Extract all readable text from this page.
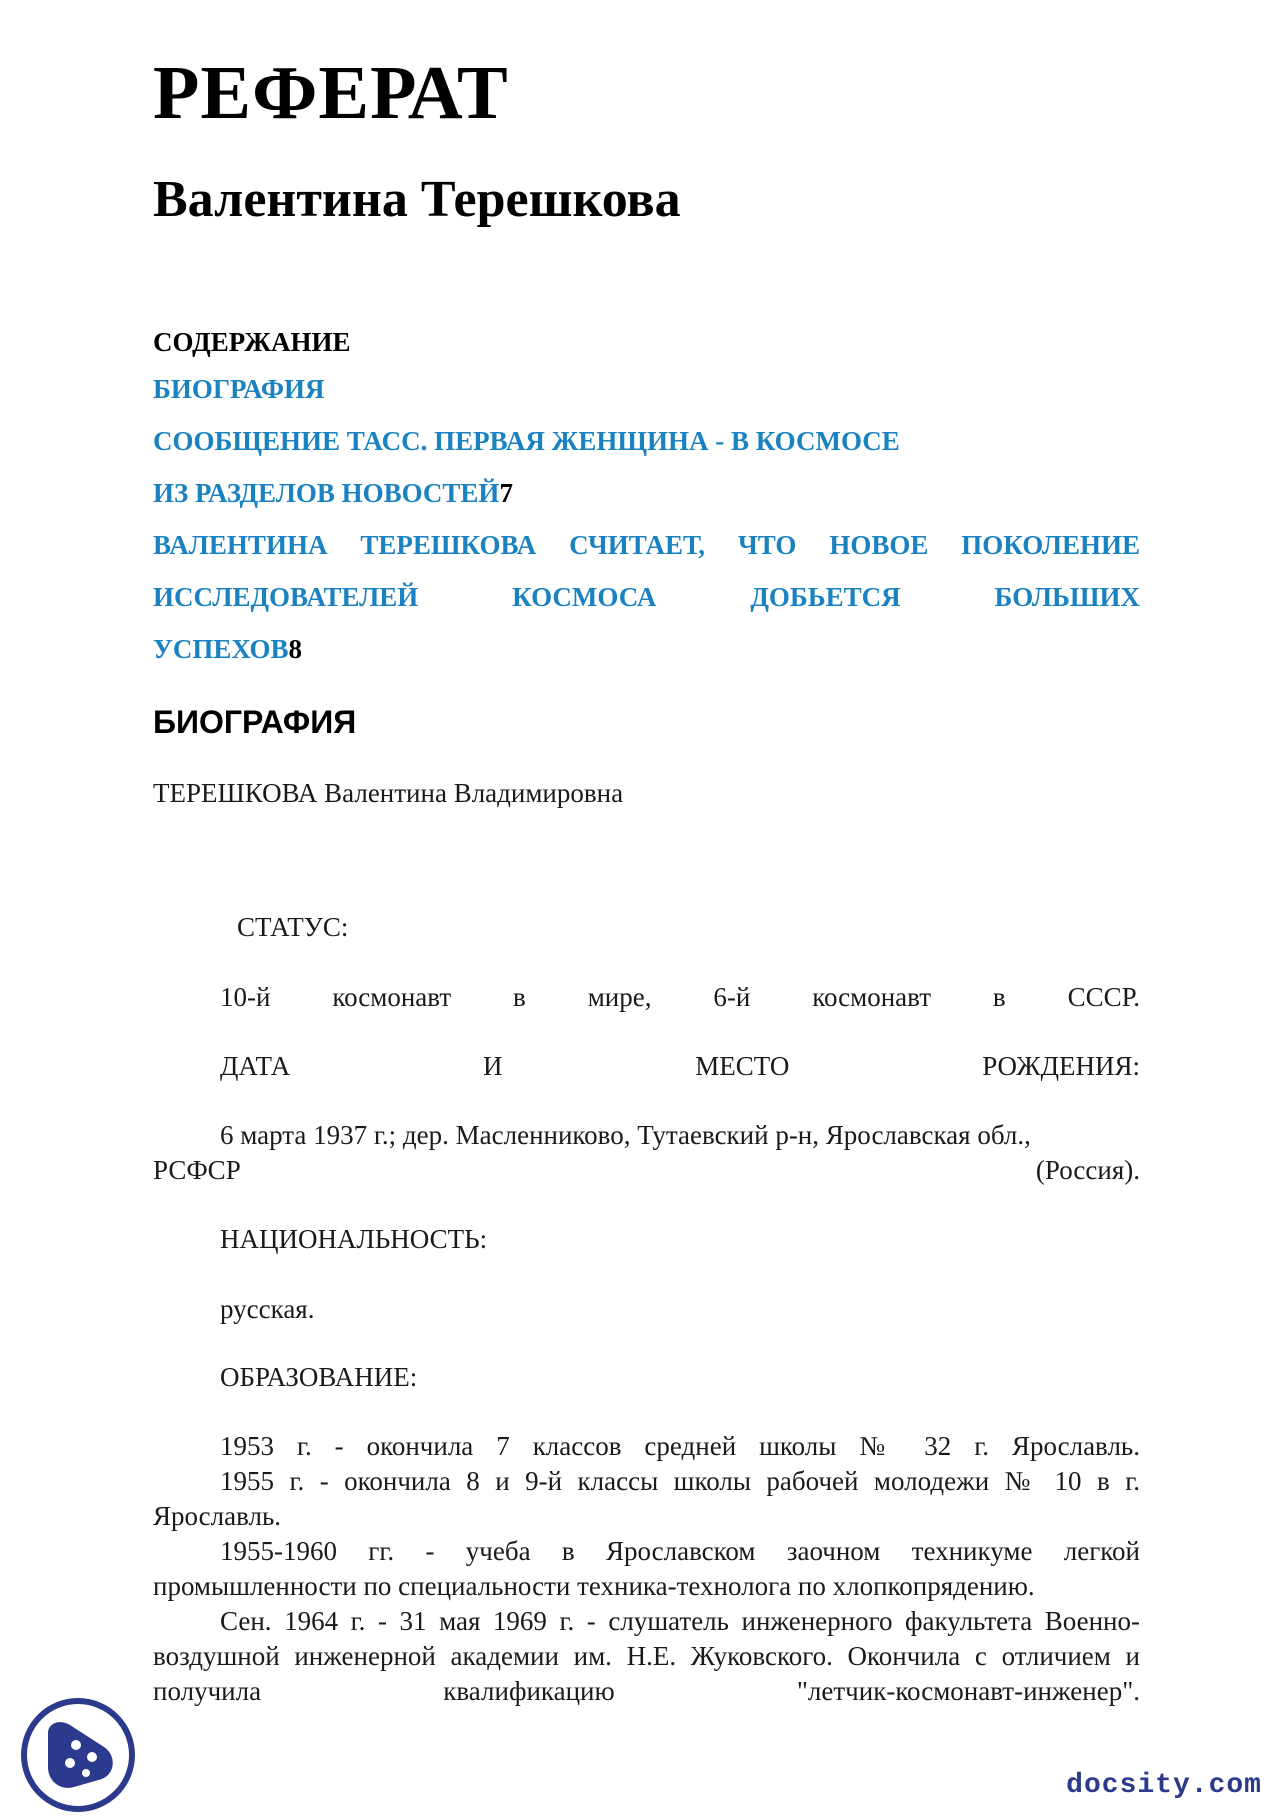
РЕФЕРАТ
Валентина Терешкова
СОДЕРЖАНИЕ
БИОГРАФИЯ
СООБЩЕНИЕ ТАСС. ПЕРВАЯ ЖЕНЩИНА - В КОСМОСЕ
ИЗ РАЗДЕЛОВ НОВОСТЕЙ7
ВАЛЕНТИНА ТЕРЕШКОВА СЧИТАЕТ, ЧТО НОВОЕ ПОКОЛЕНИЕ
ИССЛЕДОВАТЕЛЕЙ КОСМОСА ДОБЬЕТСЯ БОЛЬШИХ
УСПЕХОВ8
БИОГРАФИЯ

ТЕРЕШКОВА Валентина Владимировна

СТАТУС:

10-й космонавт в мире, 6-й космонавт в СССР.

ДАТА И МЕСТО РОЖДЕНИЯ:

6 марта 1937 г.; дер. Масленниково, Тутаевский р-н, Ярославская обл.,
РСФСР	(Россия).

НАЦИОНАЛЬНОСТЬ:

русская.

ОБРАЗОВАНИЕ:

1953 г. - окончила 7 классов средней школы № 32 г. Ярославль.
1955 г. - окончила 8 и 9-й классы школы рабочей молодежи № 10 в г. Ярославль.
1955-1960 гг. - учеба в Ярославском заочном техникуме легкой промышленности по специальности техника-технолога по хлопкопрядению.
Сен. 1964 г. - 31 мая 1969 г. - слушатель инженерного факультета Военно-воздушной инженерной академии им. Н.Е. Жуковского. Окончила с отличием и получила квалификацию "летчик-космонавт-инженер".
docsity.com
